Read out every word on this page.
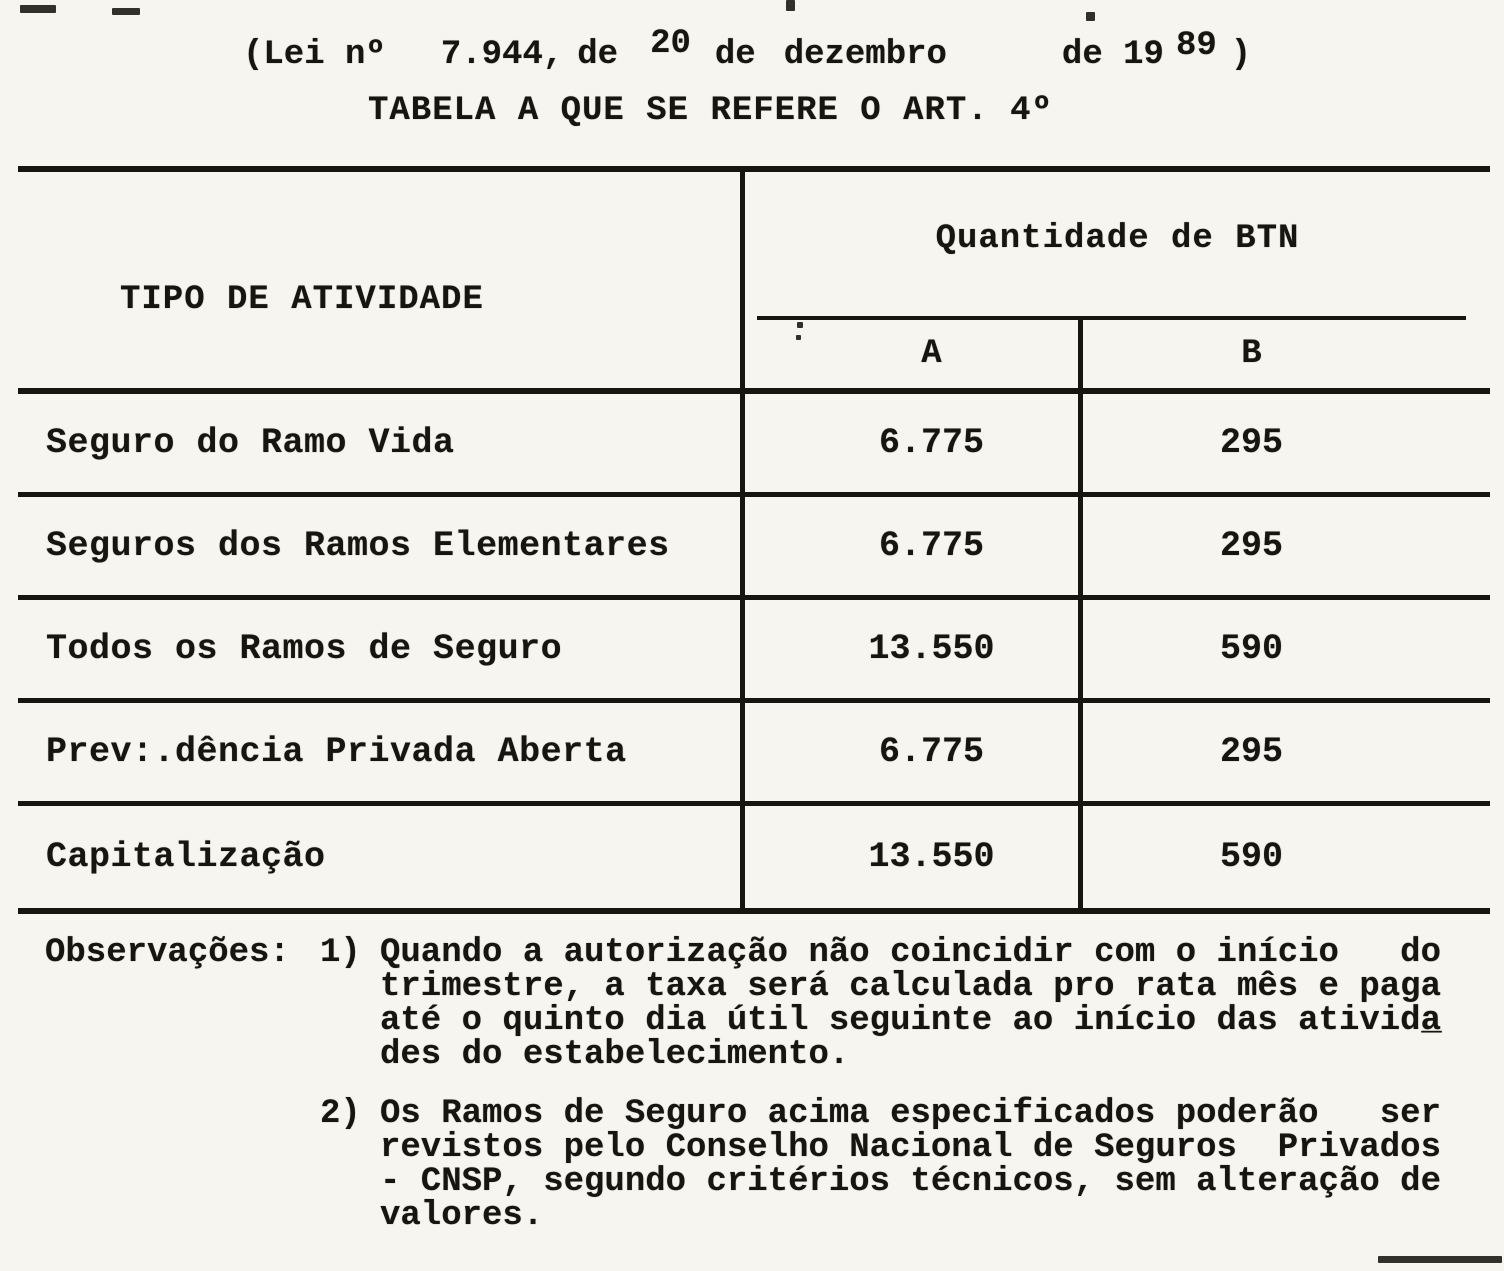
(Lei nº 7.944, de 20 de dezembro	de 19 89 )
TABELA A QUE SE REFERE O ART. 4º
TIPO DE ATIVIDADE
Quantidade de BTN
A	B
Seguro do Ramo Vida	6.775	295
Seguros dos Ramos Elementares	6.775	295
Todos os Ramos de Seguro	13.550	590
Prev:.dência Privada Aberta	6.775	295
Capitalização	13.550	590
Observações: 1) Quando a autorização não coincidir com o início   do
trimestre, a taxa será calculada pro rata mês e paga
até o quinto dia útil seguinte ao início das ativida̲
des do estabelecimento.
2) Os Ramos de Seguro acima especificados poderão   ser
revistos pelo Conselho Nacional de Seguros  Privados
- CNSP, segundo critérios técnicos, sem alteração de
valores.
